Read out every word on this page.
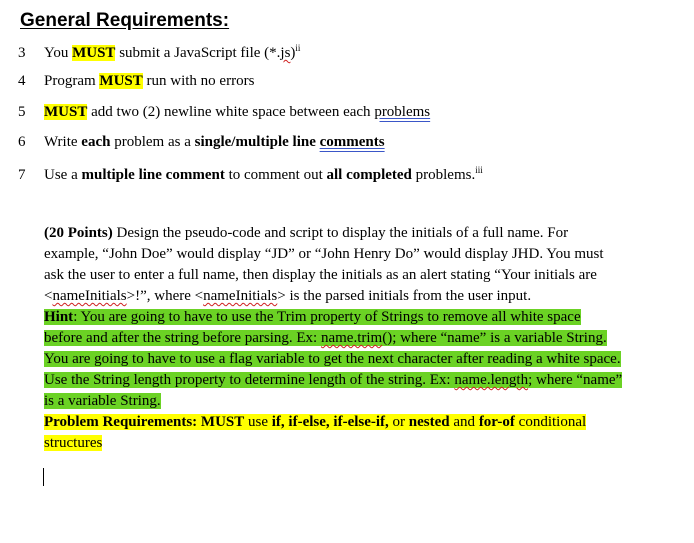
General Requirements:
3 You MUST submit a JavaScript file $(*.js)^{ii}$
4 Program MUST run with no errors
5 MUST add two (2) newline white space between each problems
6 Write each problem as a single/multiple line comments
7 Use a multiple line comment to comment out all completed problems.$^{iii}$
(20 Points) Design the pseudo-code and script to display the initials of a full name. For
example, “John Doe” would display “JD” or “John Henry Do” would display JHD. You must
ask the user to enter a full name, then display the initials as an alert stating “Your initials are
<nameInitials>!”, where <nameInitials> is the parsed initials from the user input.
Hint: You are going to have to use the Trim property of Strings to remove all white space
before and after the string before parsing. Ex: name.trim(); where “name” is a variable String.
You are going to have to use a flag variable to get the next character after reading a white space.
Use the String length property to determine length of the string. Ex: name.length; where “name”
is a variable String.
Problem Requirements: MUST use if, if-else, if-else-if, or nested and for-of conditional
structures
